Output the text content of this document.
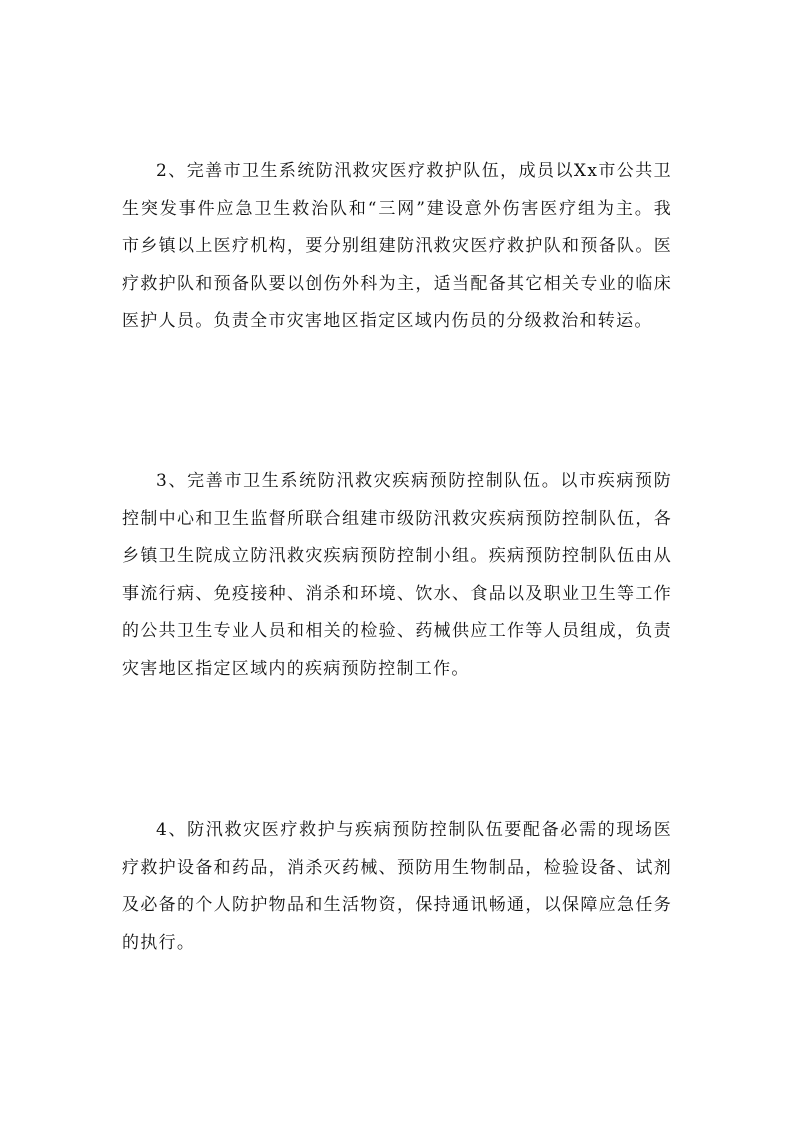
2、完善市卫生系统防汛救灾医疗救护队伍，成员以Xx市公共卫生突发事件应急卫生救治队和“三网”建设意外伤害医疗组为主。我市乡镇以上医疗机构，要分别组建防汛救灾医疗救护队和预备队。医疗救护队和预备队要以创伤外科为主，适当配备其它相关专业的临床医护人员。负责全市灾害地区指定区域内伤员的分级救治和转运。

3、完善市卫生系统防汛救灾疾病预防控制队伍。以市疾病预防控制中心和卫生监督所联合组建市级防汛救灾疾病预防控制队伍，各乡镇卫生院成立防汛救灾疾病预防控制小组。疾病预防控制队伍由从事流行病、免疫接种、消杀和环境、饮水、食品以及职业卫生等工作的公共卫生专业人员和相关的检验、药械供应工作等人员组成，负责灾害地区指定区域内的疾病预防控制工作。

4、防汛救灾医疗救护与疾病预防控制队伍要配备必需的现场医疗救护设备和药品，消杀灭药械、预防用生物制品，检验设备、试剂及必备的个人防护物品和生活物资，保持通讯畅通，以保障应急任务的执行。
